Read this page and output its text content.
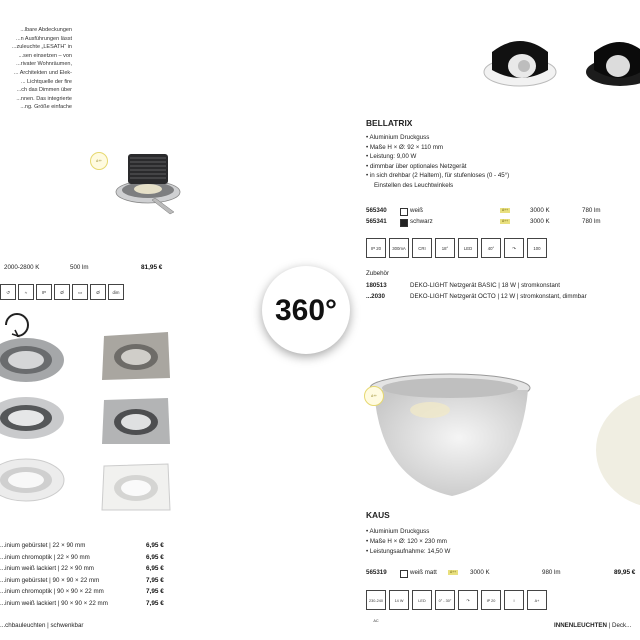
...lbare Abdeckungen
...n Ausführungen lässt
...zuleuchte „LESATH“ in
...sen einsetzen – von
...rivater Wohnräumen,
... Architekten und Elek-
... Lichtquelle der fire
...ch das Dimmen über
...nnen. Das integrierte
...ng. Größe einfache
A++
2000-2800 K	500 lm	81,95 €
↺	≈	IP	Ø	▭	Ø	dim
...inium gebürstet | 22 × 90 mm	6,95 €
...inium chromoptik | 22 × 90 mm	6,95 €
...inium weiß lackiert | 22 × 90 mm	6,95 €
...inium gebürstet | 90 × 90 × 22 mm	7,95 €
...inium chromoptik | 90 × 90 × 22 mm	7,95 €
...inium weiß lackiert | 90 × 90 × 22 mm	7,95 €
...chbauleuchten | schwenkbar
360°
BELLATRIX
• Aluminium Druckguss
• Maße H × Ø: 92 × 110 mm
• Leistung: 9,00 W
• dimmbar über optionales Netzgerät
• in sich drehbar (2 Haltern), für stufenloses (0 - 45°)
Einstellen des Leuchtwinkels
565340	weiß	A++	3000 K	780 lm
565341	schwarz	A++	3000 K	780 lm
IP 20	300mA	CRI	18°	LED	40°	↷	100
Zubehör
180513	DEKO-LIGHT Netzgerät BASIC | 18 W | stromkonstant
...2030	DEKO-LIGHT Netzgerät OCTO | 12 W | stromkonstant, dimmbar
A++
KAUS
• Aluminium Druckguss
• Maße H × Ø: 120 × 230 mm
• Leistungsaufnahme: 14,50 W
565319	weiß matt	A++	3000 K	980 lm	89,95 €
230-240 AC
14 W	LED	0° - 30°	↷	IP 20	I	A+
INNENLEUCHTEN | Deck...
